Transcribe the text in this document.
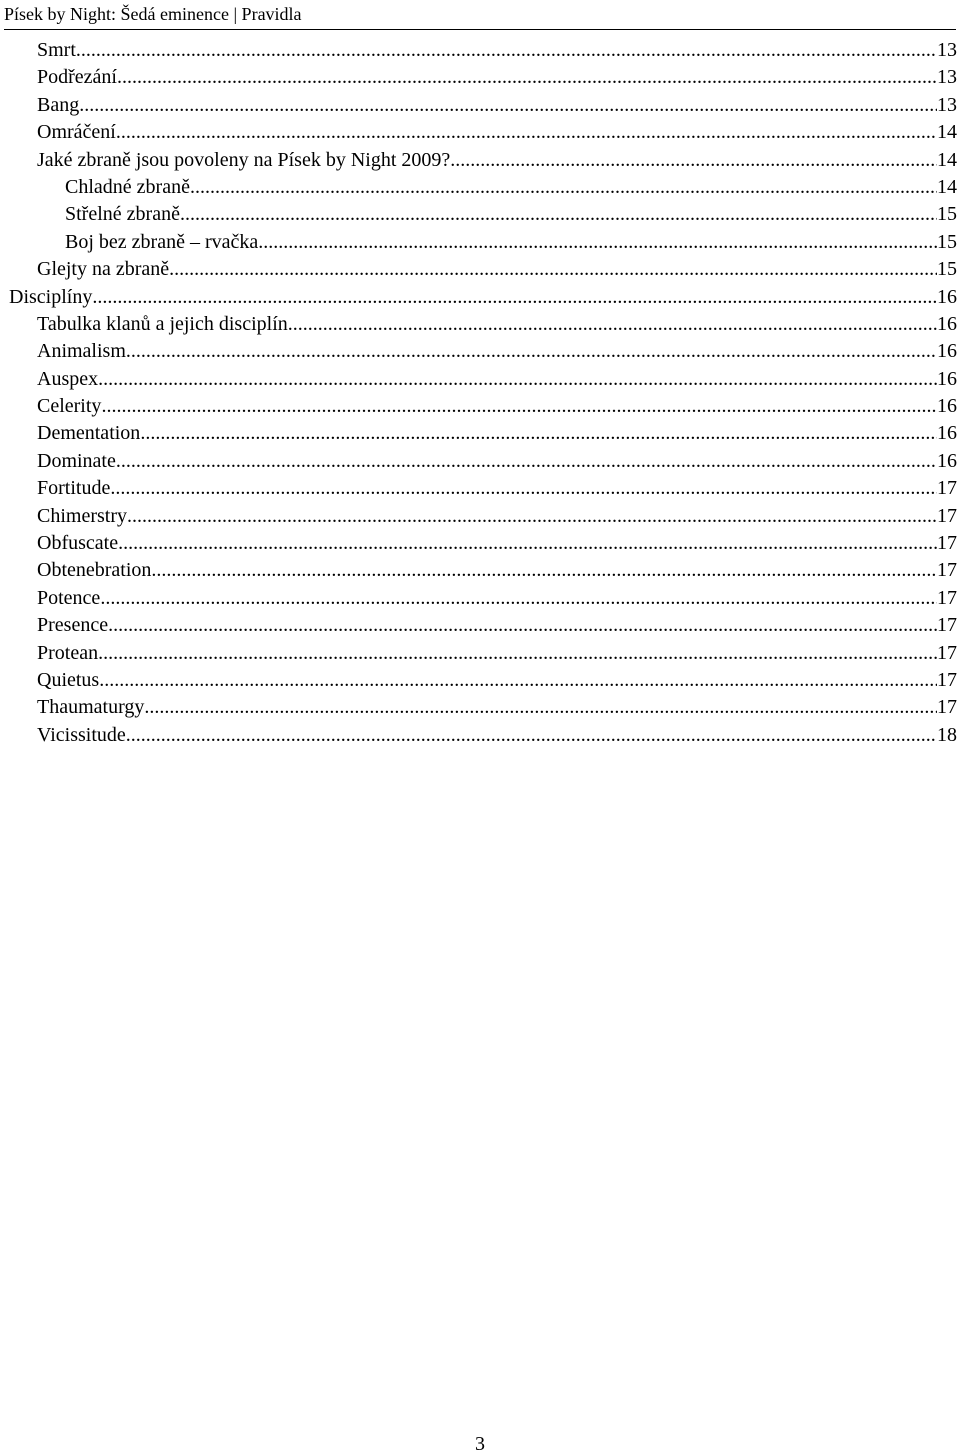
Písek by Night: Šedá eminence | Pravidla
Smrt .....	13
Podřezání .....	13
Bang .....	13
Omráčení .....	14
Jaké zbraně jsou povoleny na Písek by Night 2009? .....	14
Chladné zbraně .....	14
Střelné zbraně .....	15
Boj bez zbraně – rvačka .....	15
Glejty na zbraně .....	15
Disciplíny .....	16
Tabulka klanů a jejich disciplín .....	16
Animalism .....	16
Auspex .....	16
Celerity .....	16
Dementation .....	16
Dominate .....	16
Fortitude .....	17
Chimerstry .....	17
Obfuscate .....	17
Obtenebration .....	17
Potence .....	17
Presence .....	17
Protean .....	17
Quietus .....	17
Thaumaturgy .....	17
Vicissitude .....	18
3
